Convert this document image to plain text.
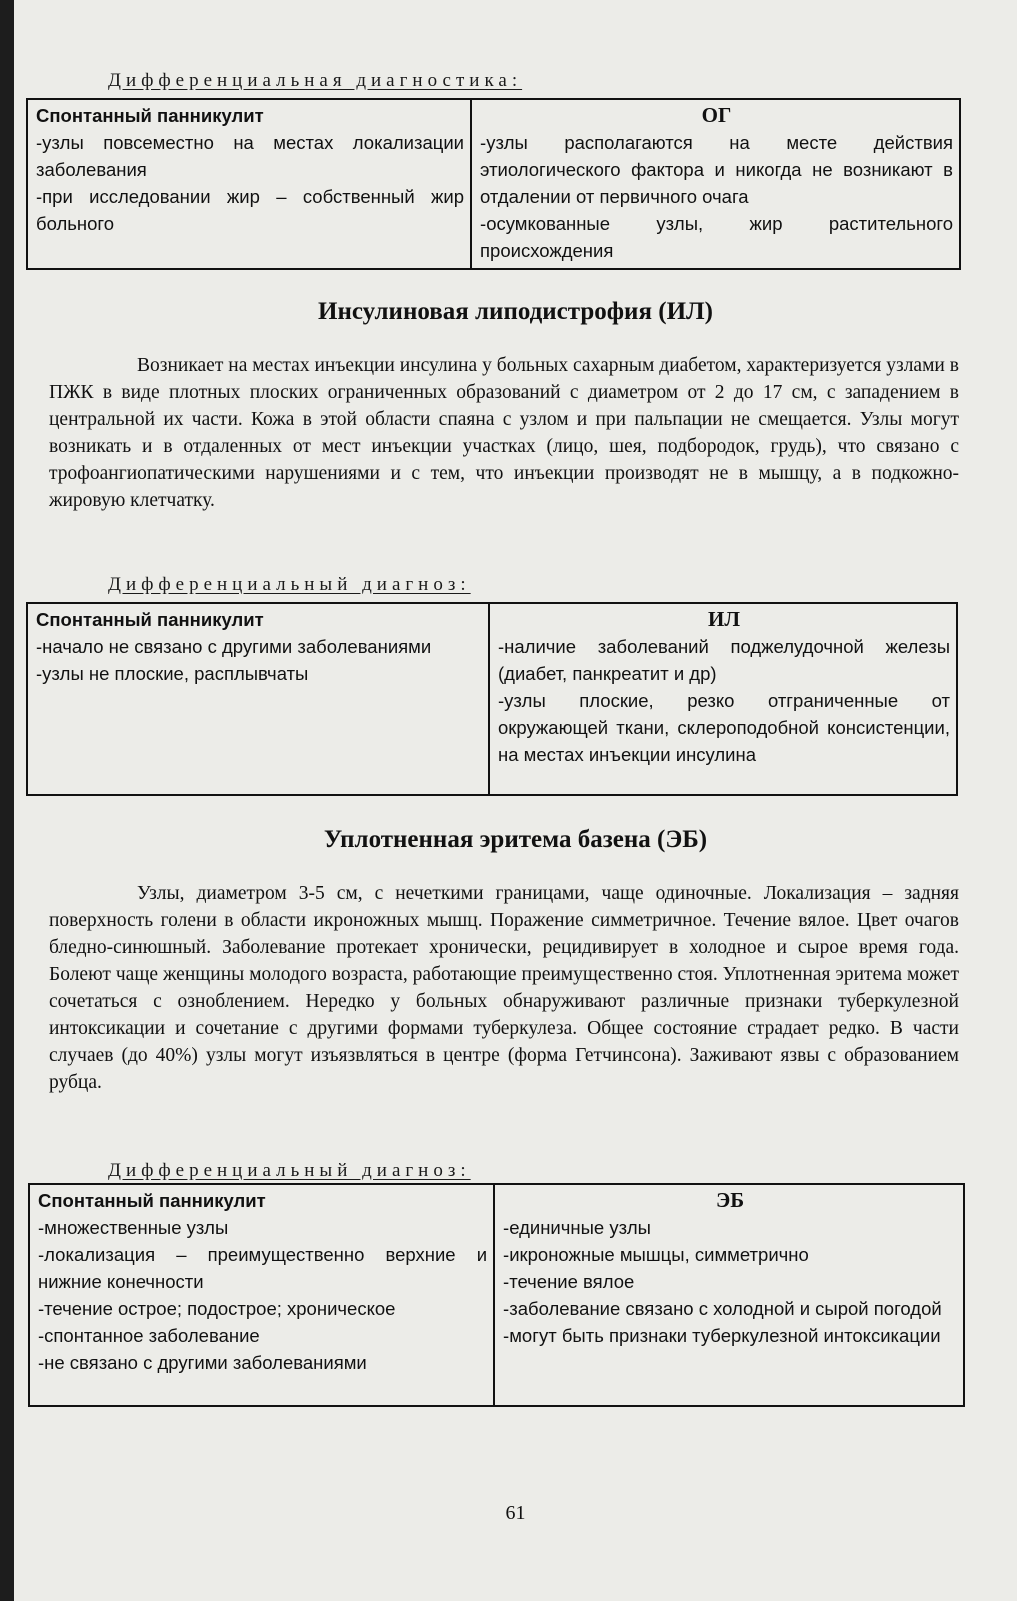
Дифференциальная диагностика:
Спонтанный панникулит
-узлы повсеместно на местах локализации заболевания
-при исследовании жир – собственный жир больного

ОГ
-узлы располагаются на месте действия этиологического фактора и никогда не возникают в отдалении от первичного очага
-осумкованные узлы, жир растительного происхождения
Инсулиновая липодистрофия (ИЛ)
Возникает на местах инъекции инсулина у больных сахарным диабетом, характеризуется узлами в ПЖК в виде плотных плоских ограниченных образований с диаметром от 2 до 17 см, с западением в центральной их части. Кожа в этой области спаяна с узлом и при пальпации не смещается. Узлы могут возникать и в отдаленных от мест инъекции участках (лицо, шея, подбородок, грудь), что связано с трофоангиопатическими нарушениями и с тем, что инъекции производят не в мышцу, а в подкожно-жировую клетчатку.
Дифференциальный диагноз:
Спонтанный панникулит
-начало не связано с другими заболеваниями
-узлы не плоские, расплывчаты

ИЛ
-наличие заболеваний поджелудочной железы (диабет, панкреатит и др)
-узлы плоские, резко отграниченные от окружающей ткани, склероподобной консистенции, на местах инъекции инсулина
Уплотненная эритема базена (ЭБ)
Узлы, диаметром 3-5 см, с нечеткими границами, чаще одиночные. Локализация – задняя поверхность голени в области икроножных мышц. Поражение симметричное. Течение вялое. Цвет очагов бледно-синюшный. Заболевание протекает хронически, рецидивирует в холодное и сырое время года. Болеют чаще женщины молодого возраста, работающие преимущественно стоя. Уплотненная эритема может сочетаться с ознoблением. Нередко у больных обнаруживают различные признаки туберкулезной интоксикации и сочетание с другими формами туберкулеза. Общее состояние страдает редко. В части случаев (до 40%) узлы могут изъязвляться в центре (форма Гетчинсона). Заживают язвы с образованием рубца.
Дифференциальный диагноз:
Спонтанный панникулит
-множественные узлы
-локализация – преимущественно верхние и нижние конечности
-течение острое; подострое; хроническое
-спонтанное заболевание
-не связано с другими заболеваниями

ЭБ
-единичные узлы
-икроножные мышцы, симметрично
-течение вялое
-заболевание связано с холодной и сырой погодой
-могут быть признаки туберкулезной интоксикации
61
